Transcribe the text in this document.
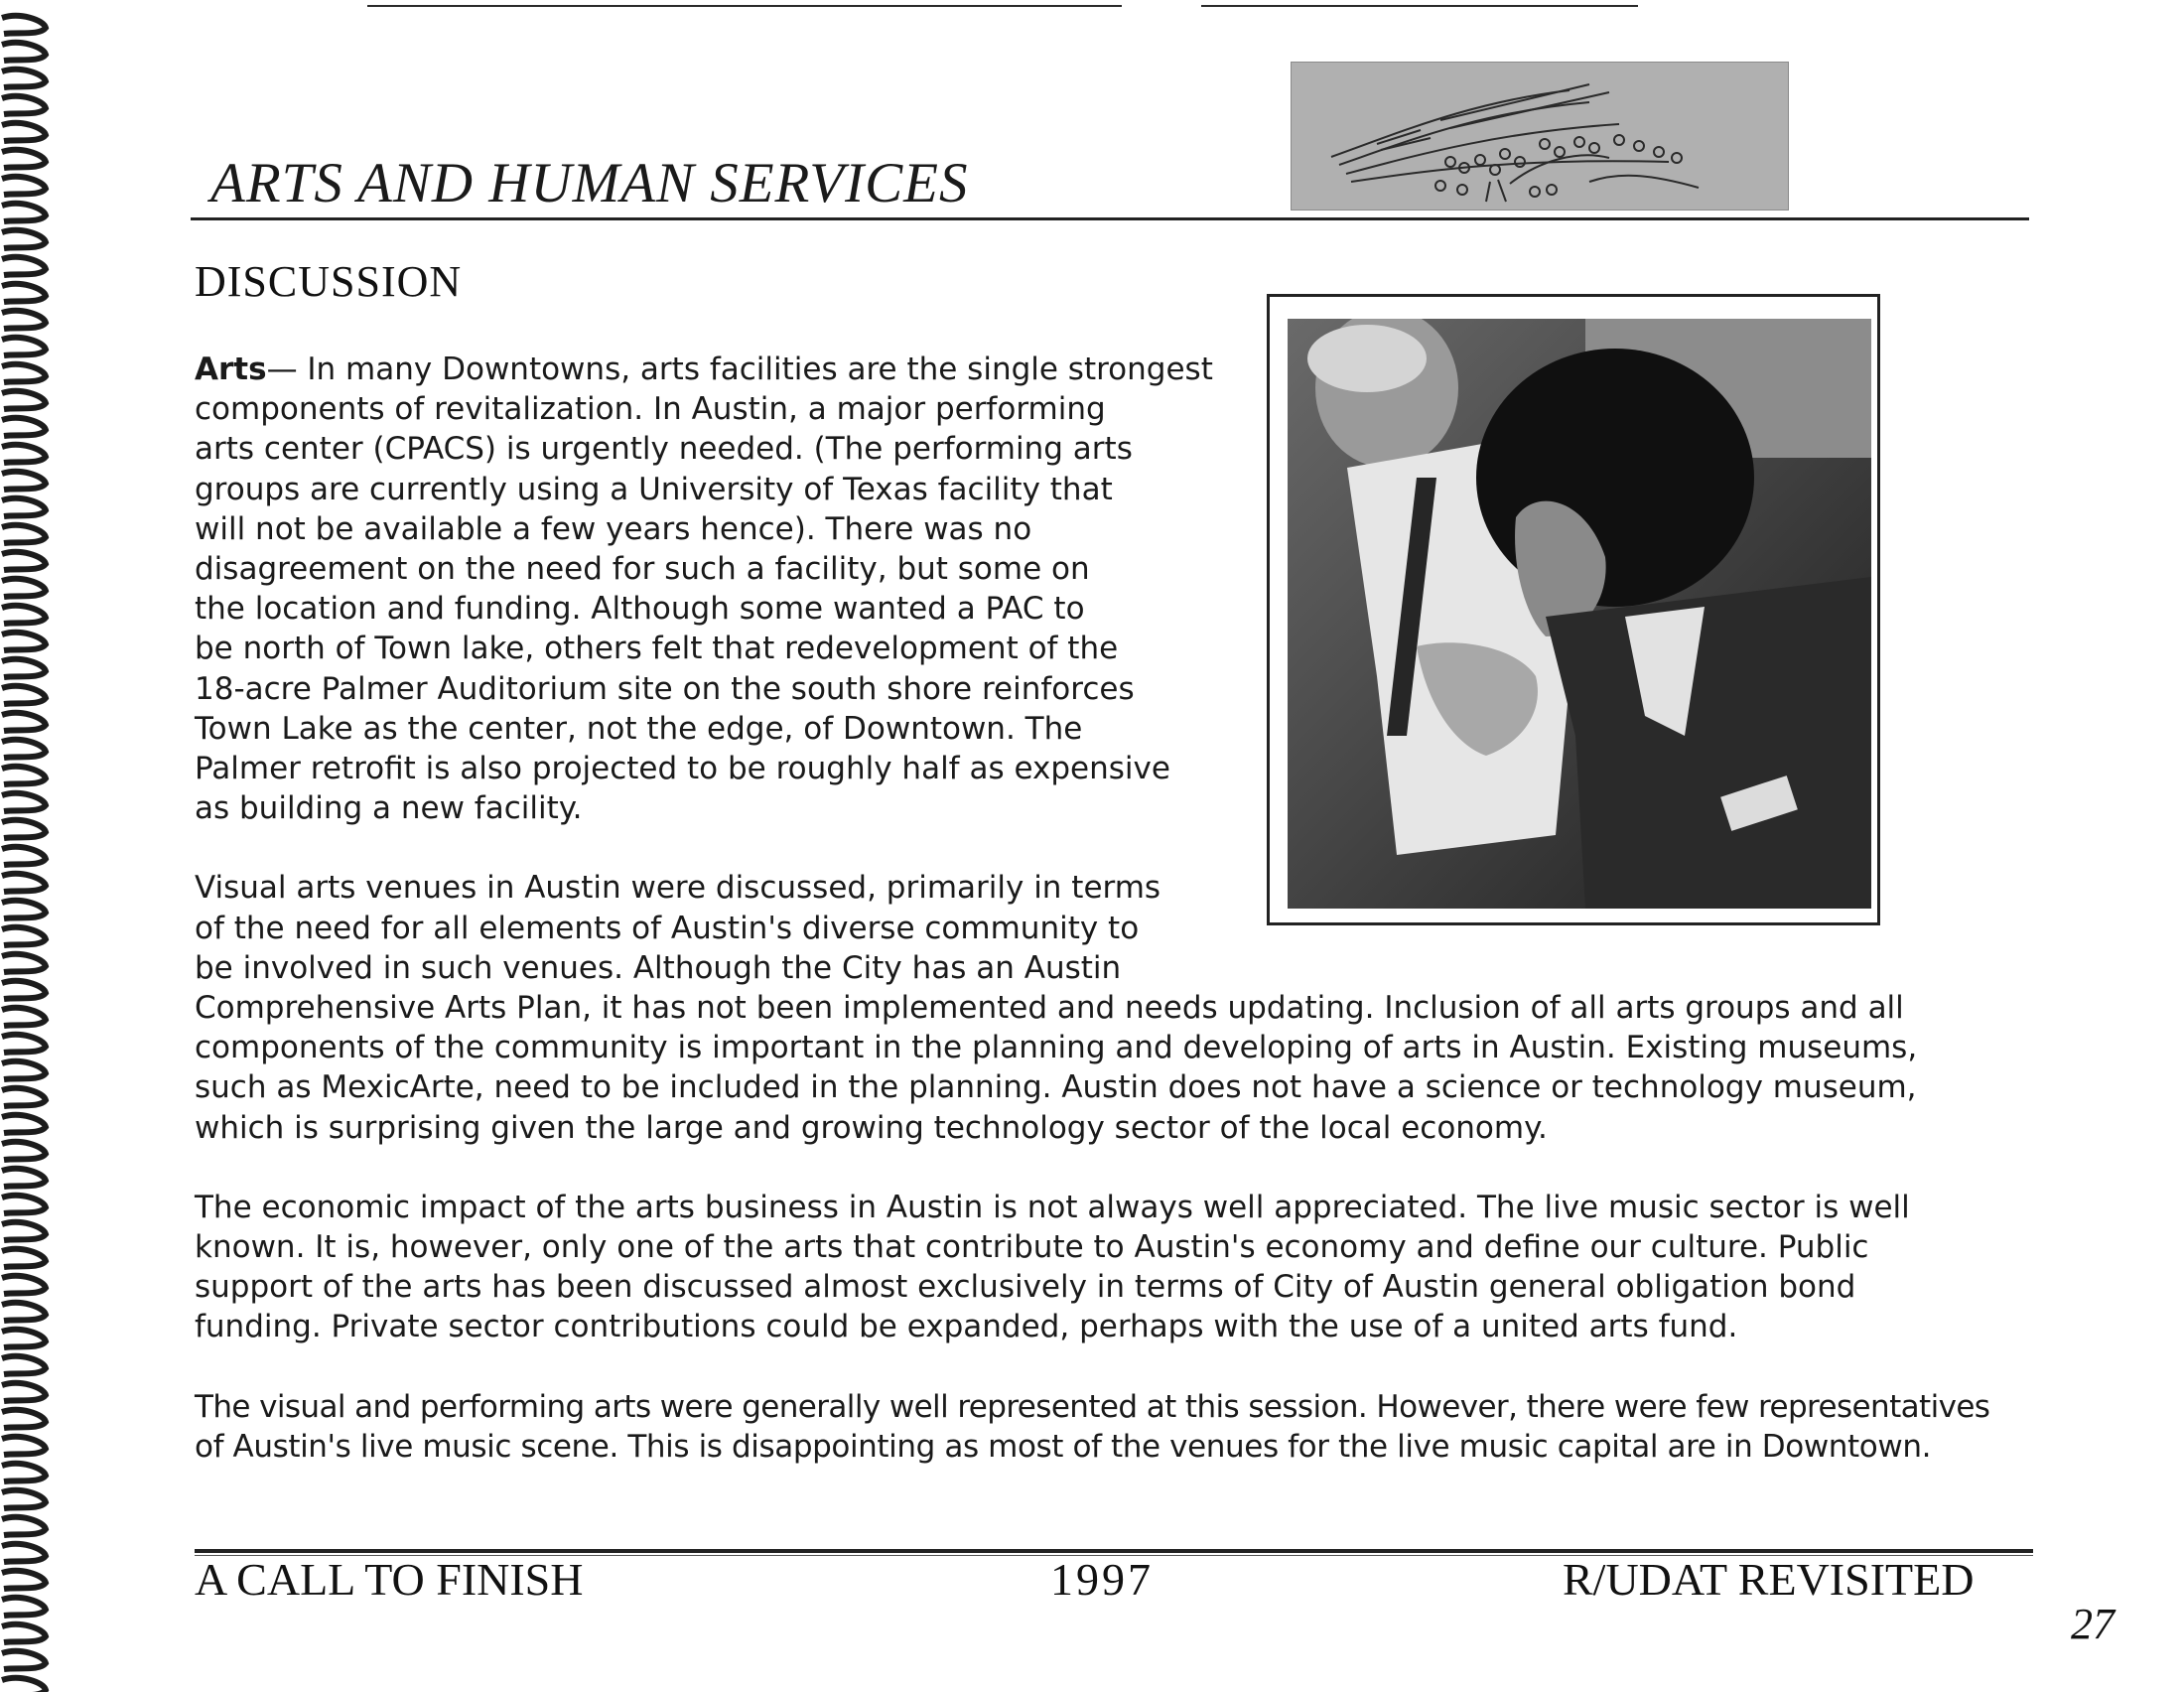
ARTS AND HUMAN SERVICES
DISCUSSION

Arts— In many Downtowns, arts facilities are the single strongest
components of revitalization. In Austin, a major performing
arts center (CPACS) is urgently needed. (The performing arts
groups are currently using a University of Texas facility that
will not be available a few years hence). There was no
disagreement on the need for such a facility, but some on
the location and funding. Although some wanted a PAC to
be north of Town lake, others felt that redevelopment of the
18-acre Palmer Auditorium site on the south shore reinforces
Town Lake as the center, not the edge, of Downtown. The
Palmer retrofit is also projected to be roughly half as expensive
as building a new facility.

Visual arts venues in Austin were discussed, primarily in terms
of the need for all elements of Austin's diverse community to
be involved in such venues. Although the City has an Austin
Comprehensive Arts Plan, it has not been implemented and needs updating. Inclusion of all arts groups and all
components of the community is important in the planning and developing of arts in Austin. Existing museums,
such as MexicArte, need to be included in the planning. Austin does not have a science or technology museum,
which is surprising given the large and growing technology sector of the local economy.

The economic impact of the arts business in Austin is not always well appreciated. The live music sector is well
known. It is, however, only one of the arts that contribute to Austin's economy and define our culture. Public
support of the arts has been discussed almost exclusively in terms of City of Austin general obligation bond
funding. Private sector contributions could be expanded, perhaps with the use of a united arts fund.

The visual and performing arts were generally well represented at this session. However, there were few representatives
of Austin's live music scene. This is disappointing as most of the venues for the live music capital are in Downtown.

A CALL TO FINISH	1997	R/UDAT REVISITED
27
